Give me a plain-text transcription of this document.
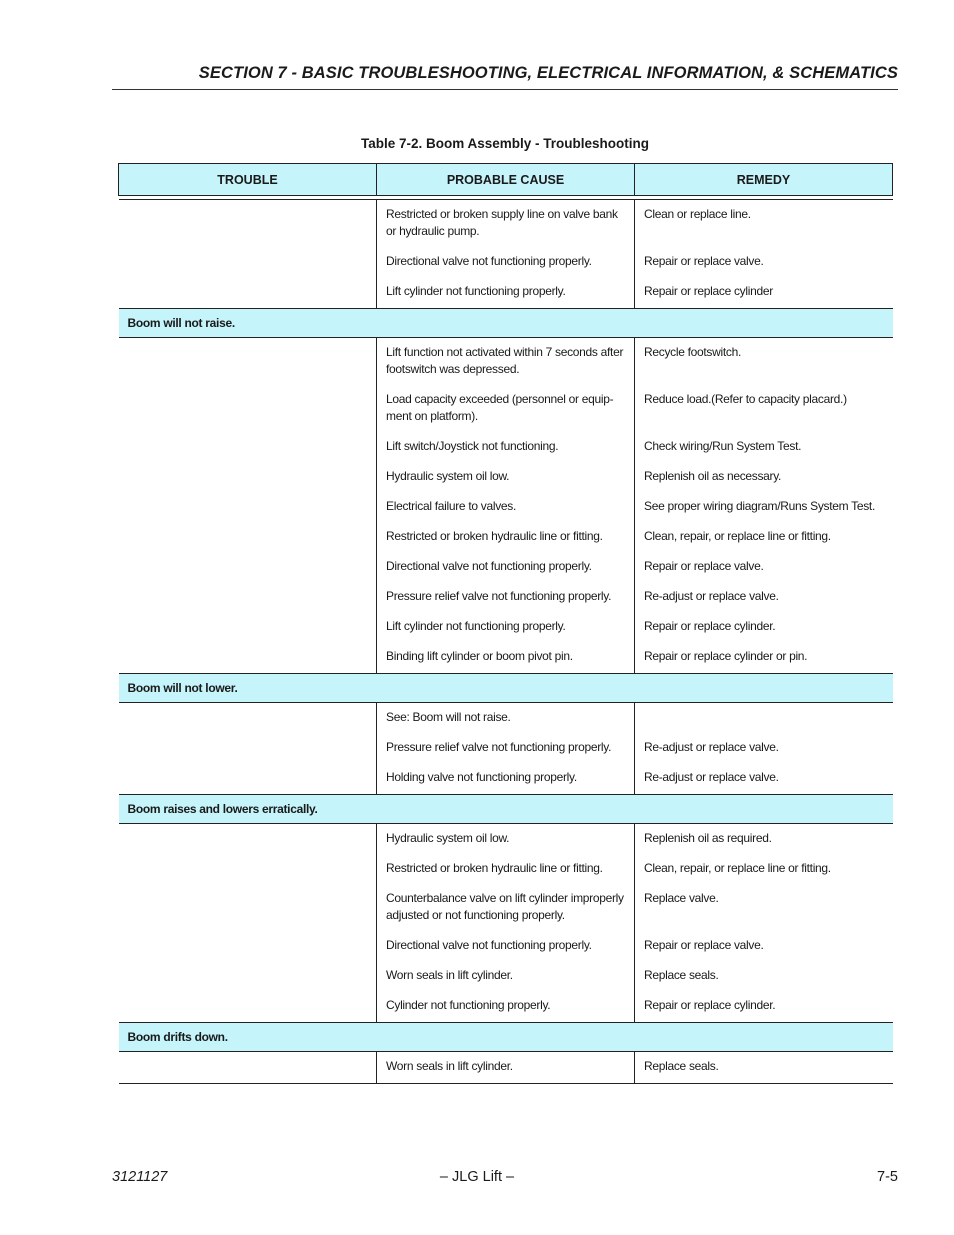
SECTION 7 - BASIC TROUBLESHOOTING, ELECTRICAL INFORMATION, & SCHEMATICS
Table 7-2. Boom Assembly - Troubleshooting
TROUBLE	PROBABLE CAUSE	REMEDY

	Restricted or broken supply line on valve bank or hydraulic pump.	Clean or replace line.
	Directional valve not functioning properly.	Repair or replace valve.
	Lift cylinder not functioning properly.	Repair or replace cylinder
Boom will not raise.		
	Lift function not activated within 7 seconds after footswitch was depressed.	Recycle footswitch.
	Load capacity exceeded (personnel or equip-ment on platform).	Reduce load.(Refer to capacity placard.)
	Lift switch/Joystick not functioning.	Check wiring/Run System Test.
	Hydraulic system oil low.	Replenish oil as necessary.
	Electrical failure to valves.	See proper wiring diagram/Runs System Test.
	Restricted or broken hydraulic line or fitting.	Clean, repair, or replace line or fitting.
	Directional valve not functioning properly.	Repair or replace valve.
	Pressure relief valve not functioning properly.	Re-adjust or replace valve.
	Lift cylinder not functioning properly.	Repair or replace cylinder.
	Binding lift cylinder or boom pivot pin.	Repair or replace cylinder or pin.
Boom will not lower.		
	See: Boom will not raise.	
	Pressure relief valve not functioning properly.	Re-adjust or replace valve.
	Holding valve not functioning properly.	Re-adjust or replace valve.
Boom raises and lowers erratically.		
	Hydraulic system oil low.	Replenish oil as required.
	Restricted or broken hydraulic line or fitting.	Clean, repair, or replace line or fitting.
	Counterbalance valve on lift cylinder improperly adjusted or not functioning properly.	Replace valve.
	Directional valve not functioning properly.	Repair or replace valve.
	Worn seals in lift cylinder.	Replace seals.
	Cylinder not functioning properly.	Repair or replace cylinder.
Boom drifts down.		
	Worn seals in lift cylinder.	Replace seals.
3121127	– JLG Lift –	7-5
